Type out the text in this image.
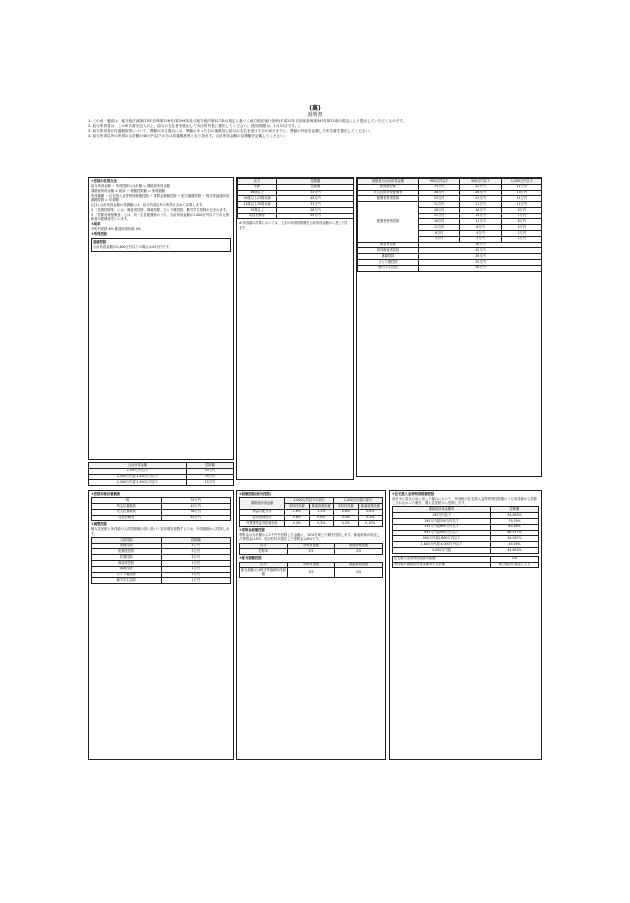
(裏)
説明書

1. この表・裏面は、地方税法(昭和25年法律第226号)第294条及び地方税法第317条の規定に基づく地方税法施行条例(平成27年自治体条例第34号)第23条の規定により提出していただくものです。

2. 給与所得者は、この申告書を記入の上、給与の支払者を経由して市区町村長に提出してください。(提出期限は、1月31日です。)

3. 給与所得者の扶養親族等について、異動がある場合には、異動のあった日の後最初に給与の支払を受ける日の前日までに、異動の内容を記載した申告書を提出してください。

4. 給与所得以外の所得の合計額が48万円以下の方は扶養親族等となり得ます。合計所得金額の見積額を記載してください。

①控除の計算方法

給与所得金額 − 所得控除の合計額 = 課税総所得金額

課税総所得金額 × 税率 − 税額控除額 = 所得割額

所得割額 − 住宅借入金等特別税額控除 − 寄附金税額控除 − 配当割額控除 − 株式等譲渡所得割額控除 = 年税額

(注1) 合計所得金額の見積額には、給与所得以外の所得も含めて計算します。

2 「扶養控除等」には、障害者控除、寡婦控除、ひとり親控除、勤労学生控除が含まれます。

3 「控除対象配偶者」とは、同一生計配偶者のうち、合計所得金額が1,000万円以下である納税者の配偶者をいいます。

②税率

市町村民税 6% 都道府県民税 4%

③所得控除

基礎控除

合計所得金額が2,400万円以下の場合は43万円です。

合計所得金額	控除額
2,400万円以下	43万円
2,400万円超 2,450万円以下	29万円
2,450万円超 2,500万円以下	15万円
区分	控除額
年齢	控除額
16歳以上	33万円
19歳以上23歳未満	45万円
23歳以上70歳未満	33万円
70歳以上	38万円
同居老親等	45万円
※ 所得割の計算においては、上記の所得控除額を合計所得金額から差し引きます。
納税者の合計所得金額	900万円以下	950万円以下	1,000万円以下
配偶者控除	33万円	22万円	11万円
老人控除対象配偶者	38万円	26万円	13万円
配偶者特別控除	33万円	22万円	11万円
配偶者特別控除	31万円	21万円	11万円
	26万円	18万円	9万円
	21万円	14万円	7万円
	16万円	11万円	6万円
	11万円	8万円	4万円
	6万円	4万円	2万円
	3万円	2万円	1万円
障害者控除	26万円		
特別障害者控除	30万円		
寡婦控除	26万円		
ひとり親控除	30万円		
勤労学生控除	26万円		

④控除対象扶養親族

一般	33万円
特定扶養親族	45万円
老人扶養親族	38万円
同居老親等	45万円

⑤調整控除

個人住民税と所得税の人的控除額の差に基づく負担増を調整するため、所得割額から控除します。

人的控除	控除額
基礎控除	5万円
配偶者控除	5万円
扶養控除	5万円
障害者控除	1万円
寡婦控除	1万円
ひとり親控除	1万円
勤労学生控除	1万円

⑥税額控除(配当控除)

課税総所得金額	1,000万円以下の部分		1,000万円超の部分	
	市町村民税	都道府県民税	市町村民税	都道府県民税
利益の配当等	1.6%	1.2%	0.8%	0.6%
証券投資信託	0.8%	0.6%	0.4%	0.3%
外貨建等証券投資信託	0.4%	0.3%	0.2%	0.15%

⑦寄附金税額控除

寄附金の合計額から2千円を控除した金額に、10%を乗じた額を控除します。都道府県が指定した寄附金は4%、市区町村が指定した寄附金は6%です。

区分	市町村民税	都道府県民税
控除率	3/5	2/5

⑧配当割額控除

区分	市町村民税	都道府県民税
配当割額又は株式等譲渡所得割額	3/5	2/5

⑨住宅借入金等特別税額控除

前年中に居住の用に供した場合において、所得税の住宅借入金等特別控除額のうち所得税から控除しきれなかった額を、個人住民税から控除します。

課税総所得金額等	控除額
195万円以下	94.893%
195万円超330万円以下	79.79%
330万円超695万円以下	69.58%
695万円超900万円以下	66.517%
900万円超1,800万円以下	58.287%
1,800万円超 4,000万円以下	49.16%
4,000万円超	44.653%
住宅借入金等特別控除可能額	5%
所得税の課税総所得金額等の合計額	地方税法の規定による
